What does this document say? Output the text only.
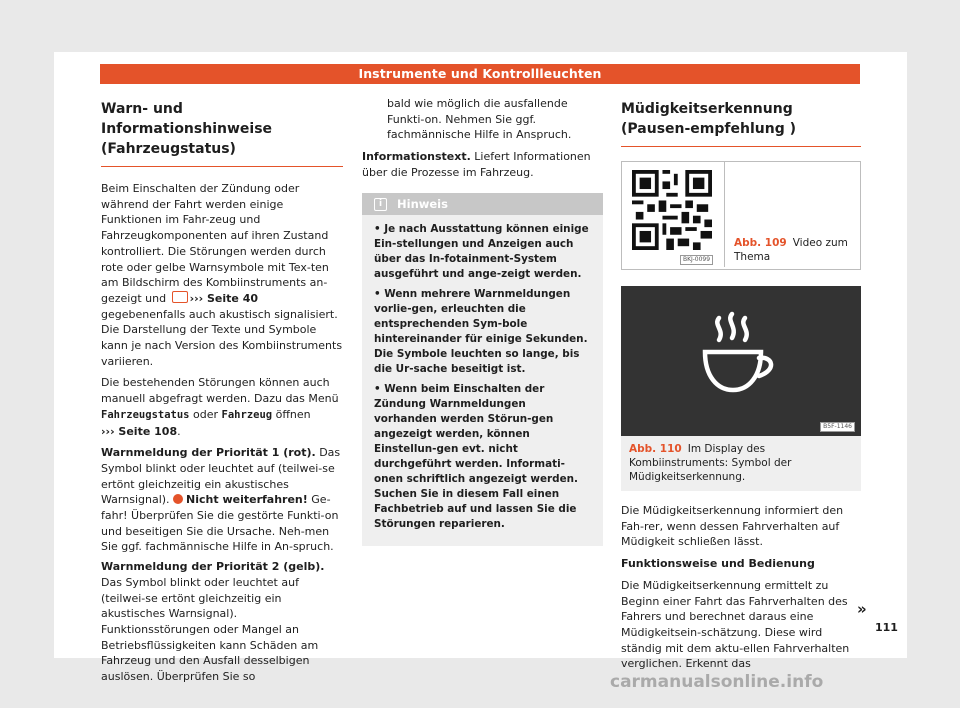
Instrumente und Kontrollleuchten
Warn- und Informationshinweise (Fahrzeugstatus)

Beim Einschalten der Zündung oder während der Fahrt werden einige Funktionen im Fahr-zeug und Fahrzeugkomponenten auf ihren Zustand kontrolliert. Die Störungen werden durch rote oder gelbe Warnsymbole mit Tex-ten am Bildschirm des Kombiinstruments an-gezeigt und ››› Seite 40 gegebenenfalls auch akustisch signalisiert. Die Darstellung der Texte und Symbole kann je nach Version des Kombiinstruments variieren.

Die bestehenden Störungen können auch manuell abgefragt werden. Dazu das Menü Fahrzeugstatus oder Fahrzeug öffnen
››› Seite 108.

Warnmeldung der Priorität 1 (rot). Das Symbol blinkt oder leuchtet auf (teilwei-se ertönt gleichzeitig ein akustisches Warnsignal). Nicht weiterfahren! Ge-fahr! Überprüfen Sie die gestörte Funkti-on und beseitigen Sie die Ursache. Neh-men Sie ggf. fachmännische Hilfe in An-spruch.
Warnmeldung der Priorität 2 (gelb). Das Symbol blinkt oder leuchtet auf (teilwei-se ertönt gleichzeitig ein akustisches Warnsignal). Funktionsstörungen oder Mangel an Betriebsflüssigkeiten kann Schäden am Fahrzeug und den Ausfall desselbigen auslösen. Überprüfen Sie so

bald wie möglich die ausfallende Funkti-on. Nehmen Sie ggf. fachmännische Hilfe in Anspruch.

Informationstext. Liefert Informationen über die Prozesse im Fahrzeug.
i Hinweis
• Je nach Ausstattung können einige Ein-stellungen und Anzeigen auch über das In-fotainment-System ausgeführt und ange-zeigt werden.
• Wenn mehrere Warnmeldungen vorlie-gen, erleuchten die entsprechenden Sym-bole hintereinander für einige Sekunden. Die Symbole leuchten so lange, bis die Ur-sache beseitigt ist.
• Wenn beim Einschalten der Zündung Warnmeldungen vorhanden werden Störun-gen angezeigt werden, können Einstellun-gen evt. nicht durchgeführt werden. Informati-onen schriftlich angezeigt werden. Suchen Sie in diesem Fall einen Fachbetrieb auf und lassen Sie die Störungen reparieren.
Müdigkeitserkennung (Pausen-empfehlung )
BKJ-0099
Abb. 109 Video zum Thema
B5F-1146
Abb. 110 Im Display des Kombiinstruments: Symbol der Müdigkeitserkennung.

Die Müdigkeitserkennung informiert den Fah-rer, wenn dessen Fahrverhalten auf Müdigkeit schließen lässt.

Funktionsweise und Bedienung

Die Müdigkeitserkennung ermittelt zu Beginn einer Fahrt das Fahrverhalten des Fahrers und berechnet daraus eine Müdigkeitsein-schätzung. Diese wird ständig mit dem aktu-ellen Fahrverhalten verglichen. Erkennt das

»
111
carmanualsonline.info
